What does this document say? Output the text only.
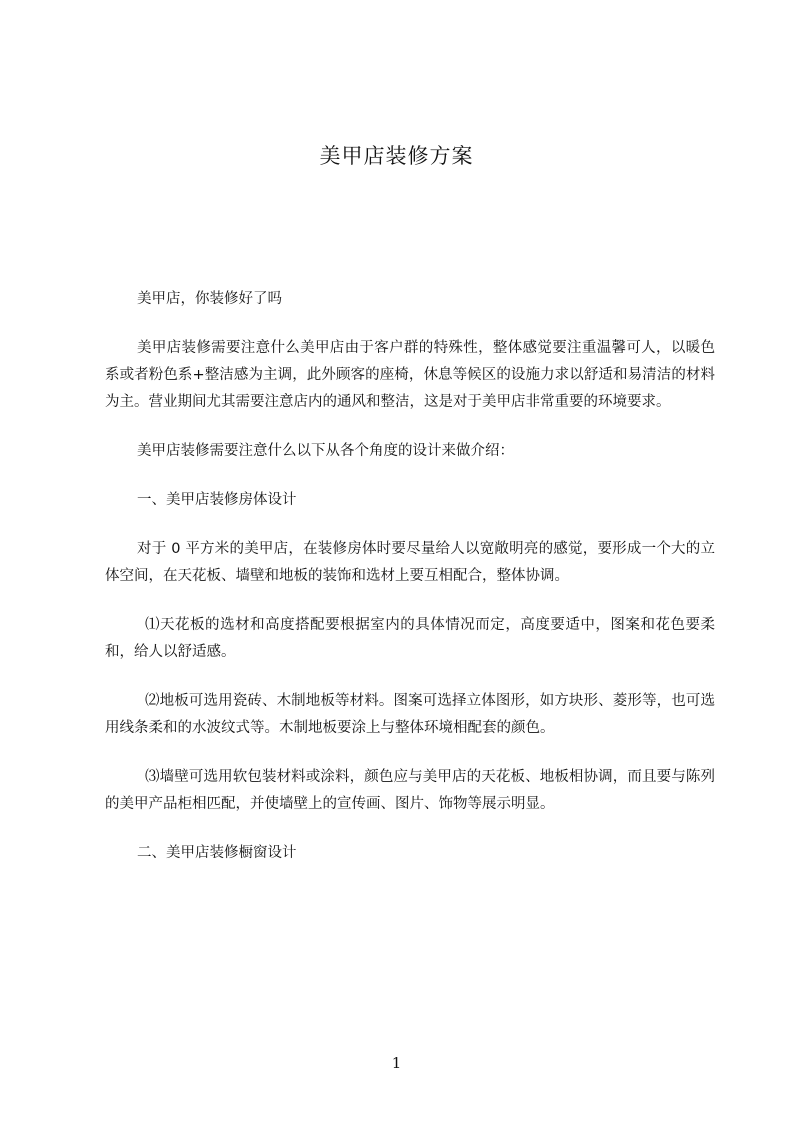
美甲店装修方案

美甲店，你装修好了吗

美甲店装修需要注意什么美甲店由于客户群的特殊性，整体感觉要注重温馨可人，以暖色系或者粉色系+整洁感为主调，此外顾客的座椅，休息等候区的设施力求以舒适和易清洁的材料为主。营业期间尤其需要注意店内的通风和整洁，这是对于美甲店非常重要的环境要求。

美甲店装修需要注意什么以下从各个角度的设计来做介绍：

一、美甲店装修房体设计

对于 0 平方米的美甲店，在装修房体时要尽量给人以宽敞明亮的感觉，要形成一个大的立体空间，在天花板、墙壁和地板的装饰和选材上要互相配合，整体协调。

⑴天花板的选材和高度搭配要根据室内的具体情况而定，高度要适中，图案和花色要柔和，给人以舒适感。

⑵地板可选用瓷砖、木制地板等材料。图案可选择立体图形，如方块形、菱形等，也可选用线条柔和的水波纹式等。木制地板要涂上与整体环境相配套的颜色。

⑶墙壁可选用软包装材料或涂料，颜色应与美甲店的天花板、地板相协调，而且要与陈列的美甲产品柜相匹配，并使墙壁上的宣传画、图片、饰物等展示明显。

二、美甲店装修橱窗设计

1
